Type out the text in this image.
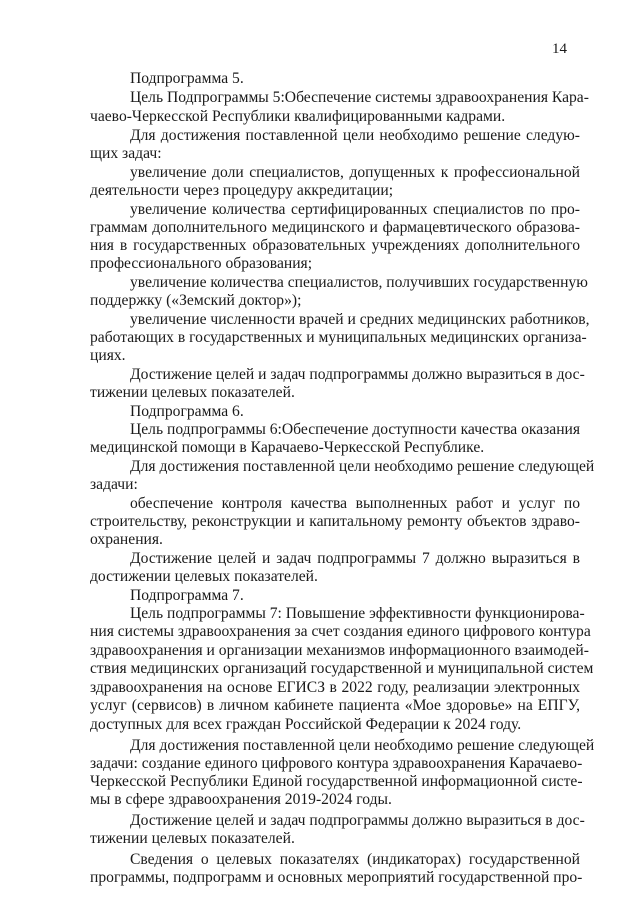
14
Подпрограмма 5.
Цель Подпрограммы 5:Обеспечение системы здравоохранения Кара-
чаево-Черкесской Республики квалифицированными кадрами.
Для достижения поставленной цели необходимо решение следую-
щих задач:
увеличение доли специалистов, допущенных к профессиональной
деятельности через процедуру аккредитации;
увеличение количества сертифицированных специалистов по про-
граммам дополнительного медицинского и фармацевтического образова-
ния в государственных образовательных учреждениях дополнительного
профессионального образования;
увеличение количества специалистов, получивших государственную
поддержку («Земский доктор»);
увеличение численности врачей и средних медицинских работников,
работающих в государственных и муниципальных медицинских организа-
циях.
Достижение целей и задач подпрограммы должно выразиться в дос-
тижении целевых показателей.
Подпрограмма 6.
Цель подпрограммы 6:Обеспечение доступности качества оказания
медицинской помощи в Карачаево-Черкесской Республике.
Для достижения поставленной цели необходимо решение следующей
задачи:
обеспечение контроля качества выполненных работ и услуг по
строительству, реконструкции и капитальному ремонту объектов здраво-
охранения.
Достижение целей и задач подпрограммы 7 должно выразиться в
достижении целевых показателей.
Подпрограмма 7.
Цель подпрограммы 7: Повышение эффективности функционирова-
ния системы здравоохранения за счет создания единого цифрового контура
здравоохранения и организации механизмов информационного взаимодей-
ствия медицинских организаций государственной и муниципальной систем
здравоохранения на основе ЕГИСЗ в 2022 году, реализации электронных
услуг (сервисов) в личном кабинете пациента «Мое здоровье» на ЕПГУ,
доступных для всех граждан Российской Федерации к 2024 году.
Для достижения поставленной цели необходимо решение следующей
задачи: создание единого цифрового контура здравоохранения Карачаево-
Черкесской Республики Единой государственной информационной систе-
мы в сфере здравоохранения 2019-2024 годы.
Достижение целей и задач подпрограммы должно выразиться в дос-
тижении целевых показателей.
Сведения о целевых показателях (индикаторах) государственной
программы, подпрограмм и основных мероприятий государственной про-
